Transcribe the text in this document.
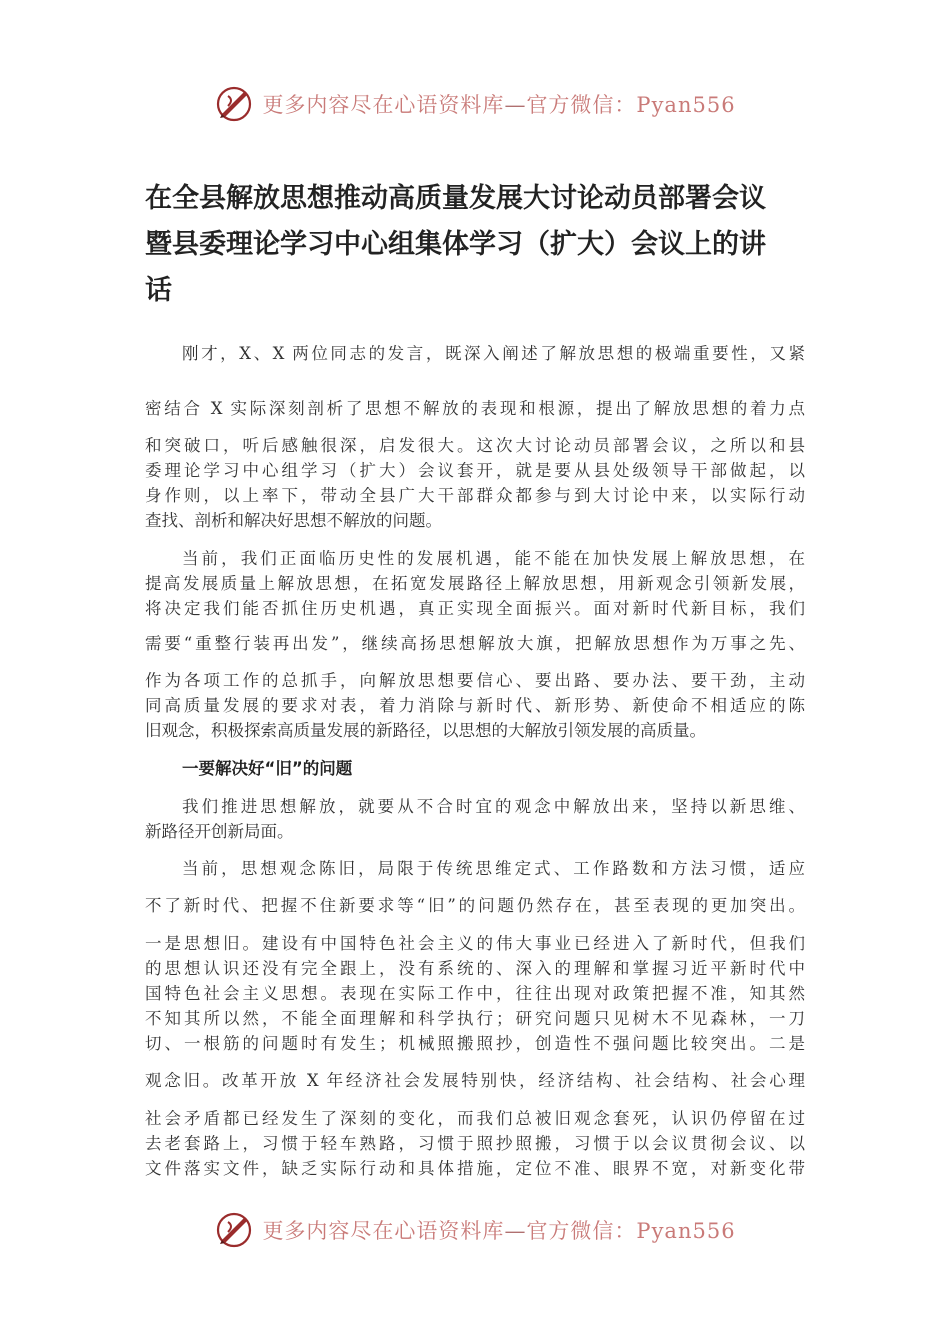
更多内容尽在心语资料库—官方微信：Pyan556
在全县解放思想推动高质量发展大讨论动员部署会议
暨县委理论学习中心组集体学习（扩大）会议上的讲
话
刚才，X、X 两位同志的发言，既深入阐述了解放思想的极端重要性，又紧
密结合 X 实际深刻剖析了思想不解放的表现和根源，提出了解放思想的着力点
和突破口，听后感触很深，启发很大。这次大讨论动员部署会议，之所以和县
委理论学习中心组学习（扩大）会议套开，就是要从县处级领导干部做起，以
身作则，以上率下，带动全县广大干部群众都参与到大讨论中来，以实际行动
查找、剖析和解决好思想不解放的问题。
当前，我们正面临历史性的发展机遇，能不能在加快发展上解放思想，在
提高发展质量上解放思想，在拓宽发展路径上解放思想，用新观念引领新发展，
将决定我们能否抓住历史机遇，真正实现全面振兴。面对新时代新目标，我们
需要“重整行装再出发”，继续高扬思想解放大旗，把解放思想作为万事之先、
作为各项工作的总抓手，向解放思想要信心、要出路、要办法、要干劲，主动
同高质量发展的要求对表，着力消除与新时代、新形势、新使命不相适应的陈
旧观念，积极探索高质量发展的新路径，以思想的大解放引领发展的高质量。
一要解决好“旧”的问题
我们推进思想解放，就要从不合时宜的观念中解放出来，坚持以新思维、
新路径开创新局面。
当前，思想观念陈旧，局限于传统思维定式、工作路数和方法习惯，适应
不了新时代、把握不住新要求等“旧”的问题仍然存在，甚至表现的更加突出。
一是思想旧。建设有中国特色社会主义的伟大事业已经进入了新时代，但我们
的思想认识还没有完全跟上，没有系统的、深入的理解和掌握习近平新时代中
国特色社会主义思想。表现在实际工作中，往往出现对政策把握不准，知其然
不知其所以然，不能全面理解和科学执行；研究问题只见树木不见森林，一刀
切、一根筋的问题时有发生；机械照搬照抄，创造性不强问题比较突出。二是
观念旧。改革开放 X 年经济社会发展特别快，经济结构、社会结构、社会心理
社会矛盾都已经发生了深刻的变化，而我们总被旧观念套死，认识仍停留在过
去老套路上，习惯于轻车熟路，习惯于照抄照搬，习惯于以会议贯彻会议、以
文件落实文件，缺乏实际行动和具体措施，定位不准、眼界不宽，对新变化带
更多内容尽在心语资料库—官方微信：Pyan556
